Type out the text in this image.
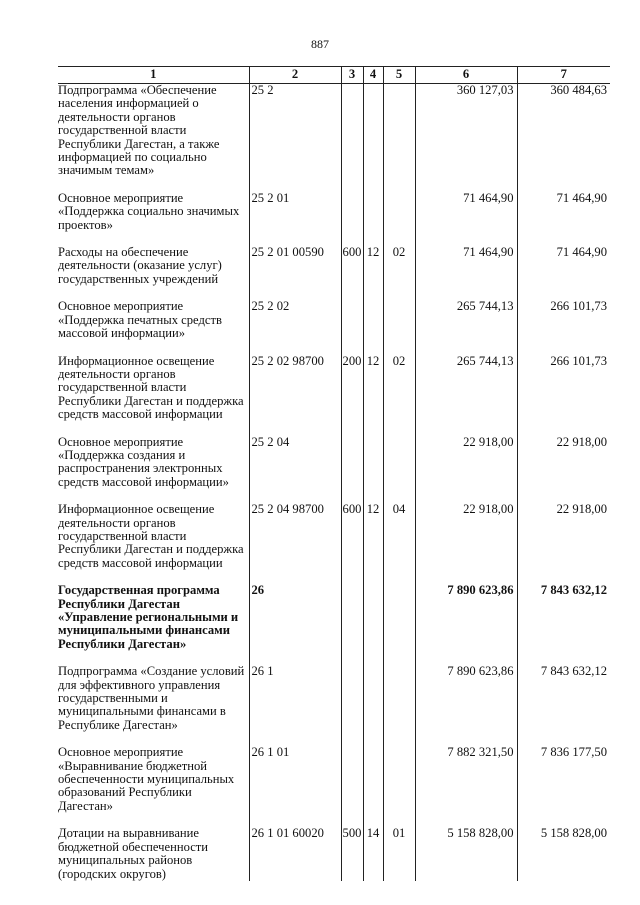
887
1	2	3	4	5	6	7
Подпрограмма «Обеспечение населения информацией о деятельности органов государственной власти Республики Дагестан, а также информацией по социально значимым темам»	25 2				360 127,03	360 484,63
Основное мероприятие «Поддержка социально значимых проектов»	25 2 01				71 464,90	71 464,90
Расходы на обеспечение деятельности (оказание услуг) государственных учреждений	25 2 01 00590	600	12	02	71 464,90	71 464,90
Основное мероприятие «Поддержка печатных средств массовой информации»	25 2 02				265 744,13	266 101,73
Информационное освещение деятельности органов государственной власти Республики Дагестан и поддержка средств массовой информации	25 2 02 98700	200	12	02	265 744,13	266 101,73
Основное мероприятие «Поддержка создания и распространения электронных средств массовой информации»	25 2 04				22 918,00	22 918,00
Информационное освещение деятельности органов государственной власти Республики Дагестан и поддержка средств массовой информации	25 2 04 98700	600	12	04	22 918,00	22 918,00
Государственная программа Республики Дагестан «Управление региональными и муниципальными финансами Республики Дагестан»	26				7 890 623,86	7 843 632,12
Подпрограмма «Создание условий для эффективного управления государственными и муниципальными финансами в Республике Дагестан»	26 1				7 890 623,86	7 843 632,12
Основное мероприятие «Выравнивание бюджетной обеспеченности муниципальных образований Республики Дагестан»	26 1 01				7 882 321,50	7 836 177,50
Дотации на выравнивание бюджетной обеспеченности муниципальных районов (городских округов)	26 1 01 60020	500	14	01	5 158 828,00	5 158 828,00
